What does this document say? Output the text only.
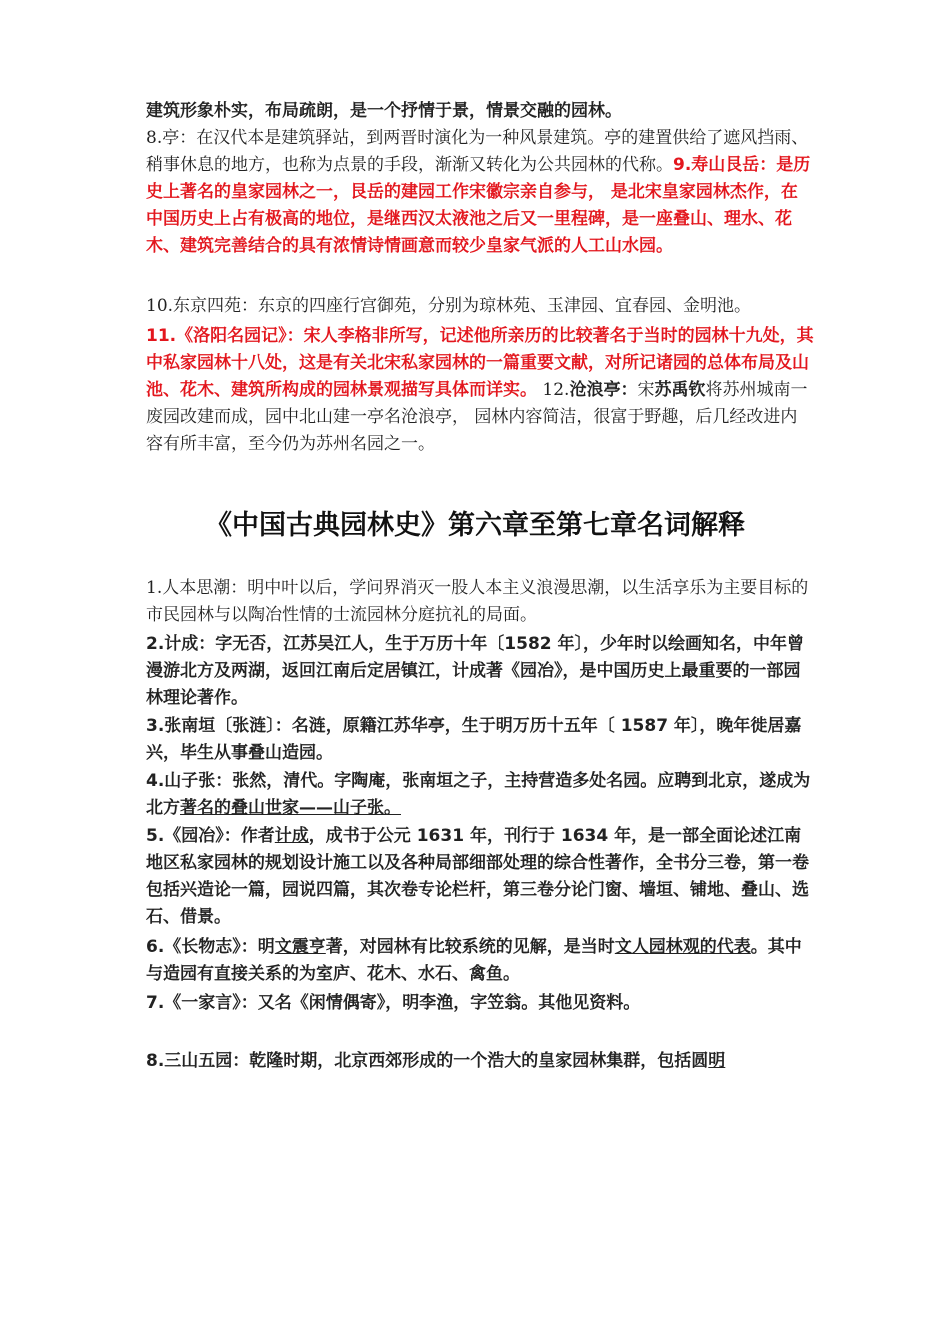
建筑形象朴实，布局疏朗，是一个抒情于景，情景交融的园林。

8.亭：在汉代本是建筑驿站，到两晋时演化为一种风景建筑。亭的建置供给了遮风挡雨、稍事休息的地方，也称为点景的手段，渐渐又转化为公共园林的代称。9.寿山艮岳：是历史上著名的皇家园林之一，艮岳的建园工作宋徽宗亲自参与， 是北宋皇家园林杰作，在中国历史上占有极高的地位，是继西汉太液池之后又一里程碑，是一座叠山、理水、花木、建筑完善结合的具有浓情诗情画意而较少皇家气派的人工山水园。

10.东京四苑：东京的四座行宫御苑，分别为琼林苑、玉津园、宜春园、金明池。

11.《洛阳名园记》：宋人李格非所写，记述他所亲历的比较著名于当时的园林十九处，其中私家园林十八处，这是有关北宋私家园林的一篇重要文献，对所记诸园的总体布局及山池、花木、建筑所构成的园林景观描写具体而详实。 12.沧浪亭：宋苏禹钦将苏州城南一废园改建而成，园中北山建一亭名沧浪亭， 园林内容简洁，很富于野趣，后几经改进内容有所丰富，至今仍为苏州名园之一。

《中国古典园林史》第六章至第七章名词解释

1.人本思潮：明中叶以后，学问界消灭一股人本主义浪漫思潮，以生活享乐为主要目标的市民园林与以陶冶性情的士流园林分庭抗礼的局面。

2.计成：字无否，江苏吴江人，生于万历十年〔1582 年〕，少年时以绘画知名，中年曾漫游北方及两湖，返回江南后定居镇江，计成著《园冶》，是中国历史上最重要的一部园林理论著作。

3.张南垣〔张涟〕：名涟，原籍江苏华亭，生于明万历十五年〔 1587 年〕，晚年徙居嘉兴，毕生从事叠山造园。

4.山子张：张然，清代。字陶庵，张南垣之子，主持营造多处名园。应聘到北京，遂成为北方著名的叠山世家——山子张。

5.《园冶》：作者计成，成书于公元 1631 年，刊行于 1634 年，是一部全面论述江南地区私家园林的规划设计施工以及各种局部细部处理的综合性著作，全书分三卷，第一卷包括兴造论一篇，园说四篇，其次卷专论栏杆，第三卷分论门窗、墙垣、铺地、叠山、选石、借景。

6.《长物志》：明文震亨著，对园林有比较系统的见解，是当时文人园林观的代表。其中与造园有直接关系的为室庐、花木、水石、禽鱼。

7.《一家言》：又名《闲情偶寄》，明李渔，字笠翁。其他见资料。

8.三山五园：乾隆时期，北京西郊形成的一个浩大的皇家园林集群，包括圆明
